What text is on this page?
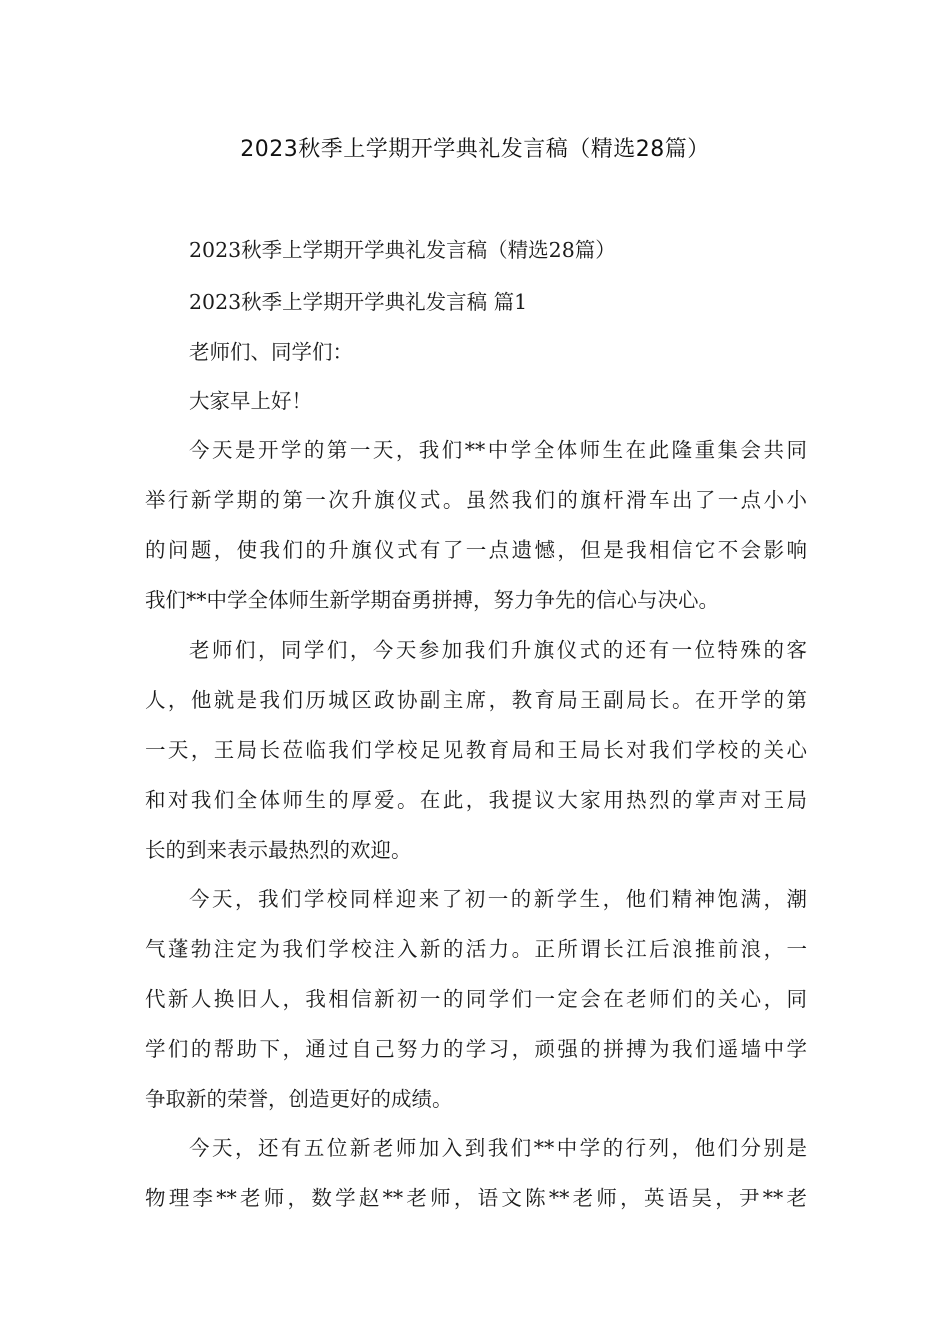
2023秋季上学期开学典礼发言稿（精选28篇）
2023秋季上学期开学典礼发言稿（精选28篇）
2023秋季上学期开学典礼发言稿 篇1
老师们、同学们：
大家早上好！
今天是开学的第一天，我们**中学全体师生在此隆重集会共同
举行新学期的第一次升旗仪式。虽然我们的旗杆滑车出了一点小小
的问题，使我们的升旗仪式有了一点遗憾，但是我相信它不会影响
我们**中学全体师生新学期奋勇拼搏，努力争先的信心与决心。
老师们，同学们，今天参加我们升旗仪式的还有一位特殊的客
人，他就是我们历城区政协副主席，教育局王副局长。在开学的第
一天，王局长莅临我们学校足见教育局和王局长对我们学校的关心
和对我们全体师生的厚爱。在此，我提议大家用热烈的掌声对王局
长的到来表示最热烈的欢迎。
今天，我们学校同样迎来了初一的新学生，他们精神饱满，潮
气蓬勃注定为我们学校注入新的活力。正所谓长江后浪推前浪，一
代新人换旧人，我相信新初一的同学们一定会在老师们的关心，同
学们的帮助下，通过自己努力的学习，顽强的拼搏为我们遥墙中学
争取新的荣誉，创造更好的成绩。
今天，还有五位新老师加入到我们**中学的行列，他们分别是
物理李**老师，数学赵**老师，语文陈**老师，英语吴，尹**老
